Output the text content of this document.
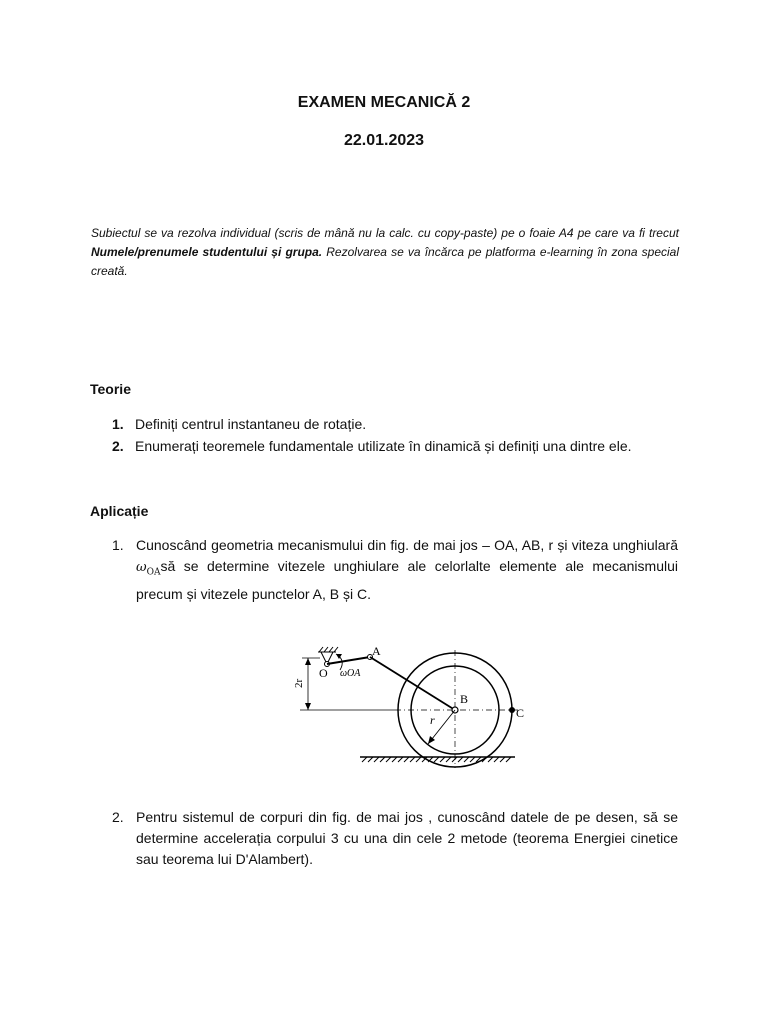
EXAMEN MECANICĂ 2
22.01.2023
Subiectul se va rezolva individual (scris de mână nu la calc. cu copy-paste) pe o foaie A4 pe care va fi trecut Numele/prenumele studentului și grupa. Rezolvarea se va încărca pe platforma e-learning în zona special creată.
Teorie
1. Definiți centrul instantaneu de rotație.
2. Enumerați teoremele fundamentale utilizate în dinamică și definiți una dintre ele.
Aplicație
1. Cunoscând geometria mecanismului din fig. de mai jos – OA, AB, r și viteza unghiulară $\omega_{OA}să$ se determine vitezele unghiulare ale celorlalte elemente ale mecanismului precum și vitezele punctelor A, B și C.
2r
O ωOA
A
B
C
r
2. Pentru sistemul de corpuri din fig. de mai jos , cunoscând datele de pe desen, să se determine accelerația corpului 3 cu una din cele 2 metode (teorema Energiei cinetice sau teorema lui D'Alambert).
